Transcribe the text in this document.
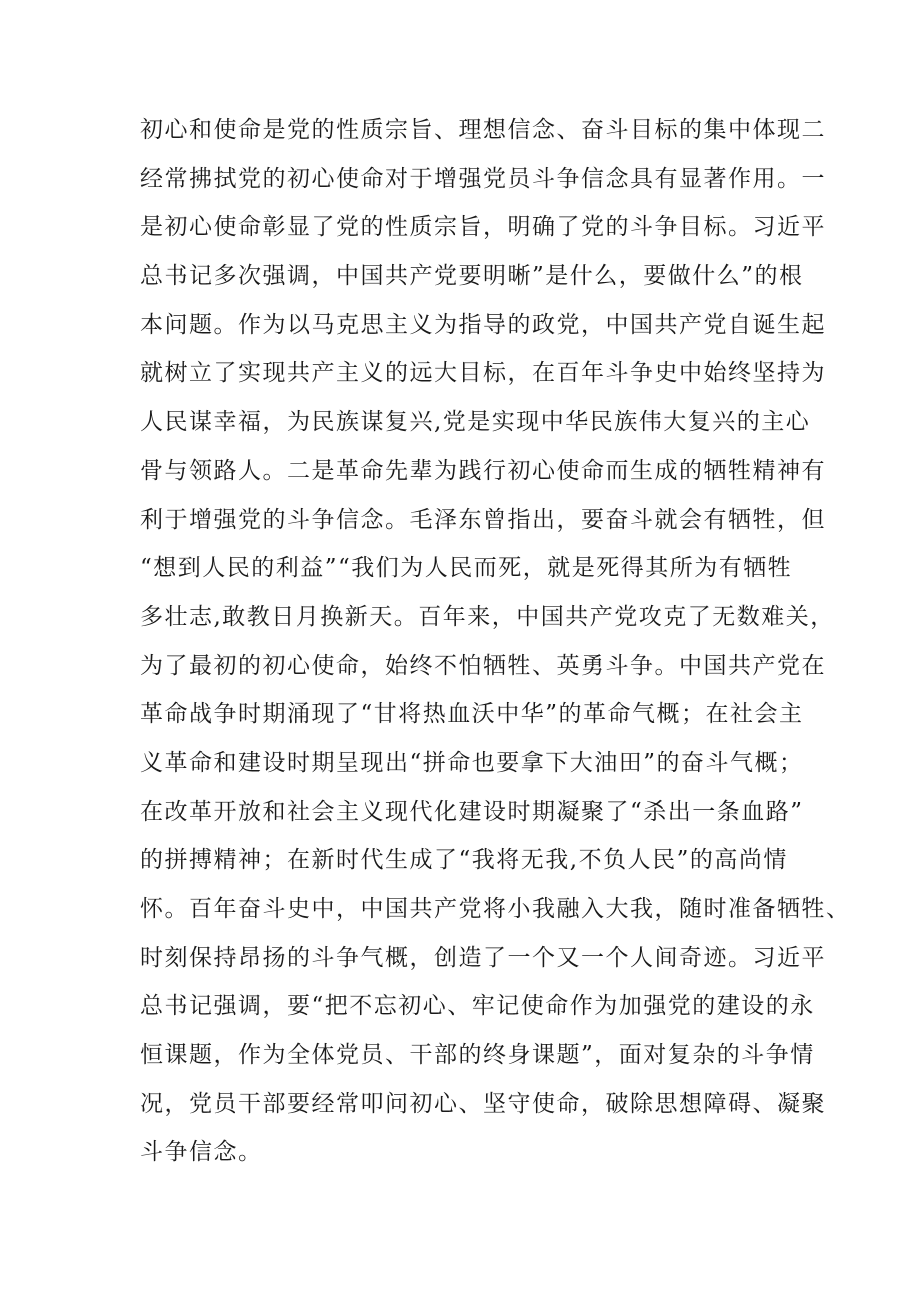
初心和使命是党的性质宗旨、理想信念、奋斗目标的集中体现二
经常拂拭党的初心使命对于增强党员斗争信念具有显著作用。一
是初心使命彰显了党的性质宗旨，明确了党的斗争目标。习近平
总书记多次强调，中国共产党要明晰”是什么，要做什么”的根
本问题。作为以马克思主义为指导的政党，中国共产党自诞生起
就树立了实现共产主义的远大目标，在百年斗争史中始终坚持为
人民谋幸福，为民族谋复兴,党是实现中华民族伟大复兴的主心
骨与领路人。二是革命先辈为践行初心使命而生成的牺牲精神有
利于增强党的斗争信念。毛泽东曾指出，要奋斗就会有牺牲，但
“想到人民的利益”“我们为人民而死，就是死得其所为有牺牲
多壮志,敢教日月换新天。百年来，中国共产党攻克了无数难关，
为了最初的初心使命，始终不怕牺牲、英勇斗争。中国共产党在
革命战争时期涌现了“甘将热血沃中华”的革命气概；在社会主
义革命和建设时期呈现出“拼命也要拿下大油田”的奋斗气概；
在改革开放和社会主义现代化建设时期凝聚了“杀出一条血路”
的拼搏精神；在新时代生成了“我将无我,不负人民”的高尚情
怀。百年奋斗史中，中国共产党将小我融入大我，随时准备牺牲、
时刻保持昂扬的斗争气概，创造了一个又一个人间奇迹。习近平
总书记强调，要“把不忘初心、牢记使命作为加强党的建设的永
恒课题，作为全体党员、干部的终身课题”，面对复杂的斗争情
况，党员干部要经常叩问初心、坚守使命，破除思想障碍、凝聚
斗争信念。
